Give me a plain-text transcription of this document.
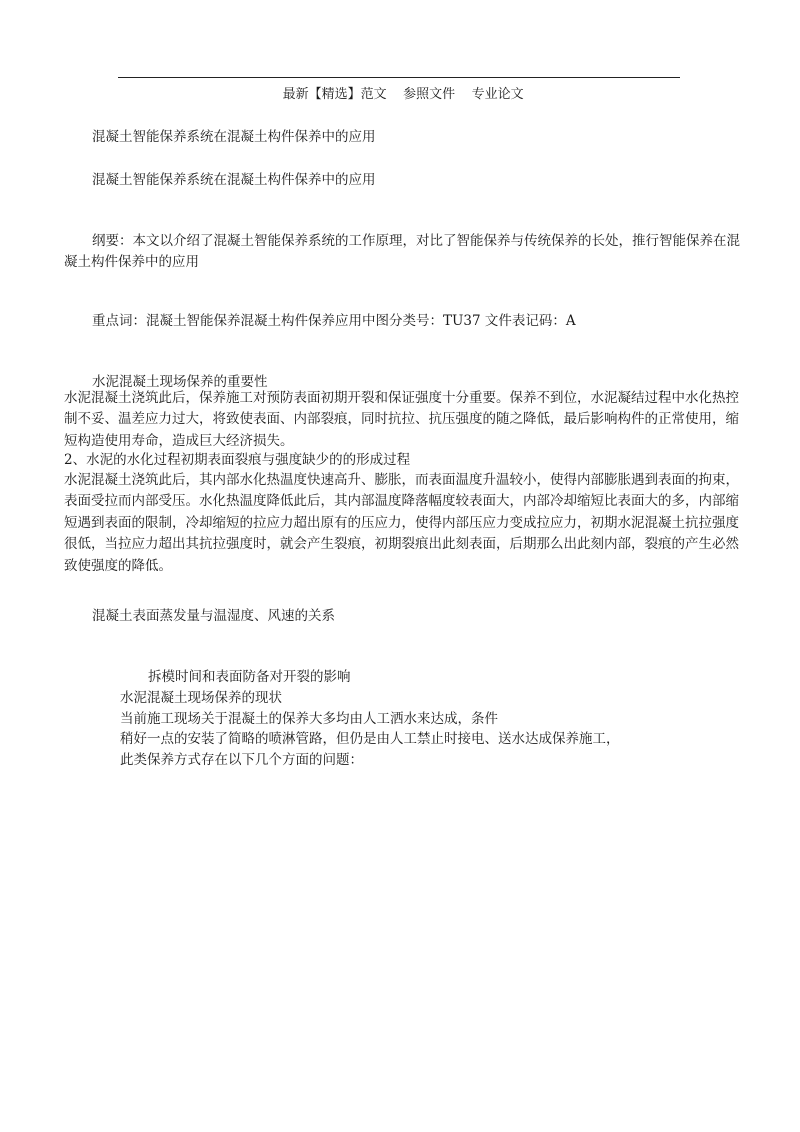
最新【精选】范文    参照文件    专业论文

混凝土智能保养系统在混凝土构件保养中的应用
混凝土智能保养系统在混凝土构件保养中的应用
纲要：本文以介绍了混凝土智能保养系统的工作原理，对比了智能保养与传统保养的长处，推行智能保养在混凝土构件保养中的应用
重点词：混凝土智能保养混凝土构件保养应用中图分类号：TU37 文件表记码：A
水泥混凝土现场保养的重要性
水泥混凝土浇筑此后，保养施工对预防表面初期开裂和保证强度十分重要。保养不到位，水泥凝结过程中水化热控制不妥、温差应力过大，将致使表面、内部裂痕，同时抗拉、抗压强度的随之降低，最后影响构件的正常使用，缩短构造使用寿命，造成巨大经济损失。
2、水泥的水化过程初期表面裂痕与强度缺少的的形成过程
水泥混凝土浇筑此后，其内部水化热温度快速高升、膨胀，而表面温度升温较小，使得内部膨胀遇到表面的拘束，表面受拉而内部受压。水化热温度降低此后，其内部温度降落幅度较表面大，内部冷却缩短比表面大的多，内部缩短遇到表面的限制，冷却缩短的拉应力超出原有的压应力，使得内部压应力变成拉应力，初期水泥混凝土抗拉强度很低，当拉应力超出其抗拉强度时，就会产生裂痕，初期裂痕出此刻表面，后期那么出此刻内部，裂痕的产生必然致使强度的降低。
混凝土表面蒸发量与温湿度、风速的关系
拆模时间和表面防备对开裂的影响
水泥混凝土现场保养的现状
当前施工现场关于混凝土的保养大多均由人工洒水来达成，条件
稍好一点的安装了简略的喷淋管路，但仍是由人工禁止时接电、送水达成保养施工，
此类保养方式存在以下几个方面的问题：
